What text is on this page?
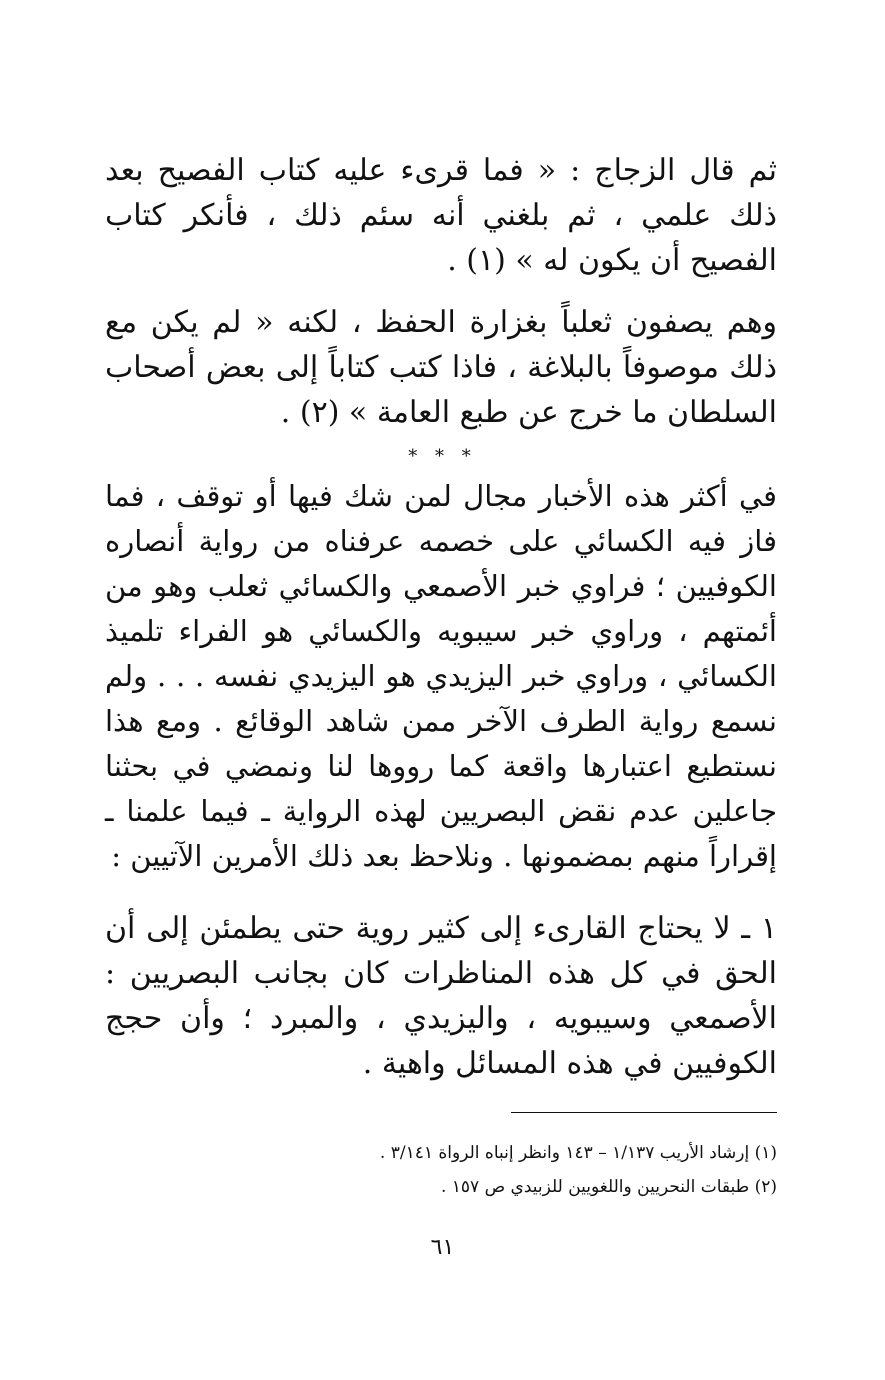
ثم قال الزجاج : « فما قرىء عليه كتاب الفصيح بعد ذلك علمي ، ثم بلغني أنه سئم ذلك ، فأنكر كتاب الفصيح أن يكون له » (١) .

وهم يصفون ثعلباً بغزارة الحفظ ، لكنه « لم يكن مع ذلك موصوفاً بالبلاغة ، فاذا كتب كتاباً إلى بعض أصحاب السلطان ما خرج عن طبع العامة » (٢) .

* * *

في أكثر هذه الأخبار مجال لمن شك فيها أو توقف ، فما فاز فيه الكسائي على خصمه عرفناه من رواية أنصاره الكوفيين ؛ فراوي خبر الأصمعي والكسائي ثعلب وهو من أئمتهم ، وراوي خبر سيبويه والكسائي هو الفراء تلميذ الكسائي ، وراوي خبر اليزيدي هو اليزيدي نفسه . . . ولم نسمع رواية الطرف الآخر ممن شاهد الوقائع . ومع هذا نستطيع اعتبارها واقعة كما رووها لنا ونمضي في بحثنا جاعلين عدم نقض البصريين لهذه الرواية ـ فيما علمنا ـ إقراراً منهم بمضمونها . ونلاحظ بعد ذلك الأمرين الآتيين :

١ ـ لا يحتاج القارىء إلى كثير روية حتى يطمئن إلى أن الحق في كل هذه المناظرات كان بجانب البصريين : الأصمعي وسيبويه ، واليزيدي ، والمبرد ؛ وأن حجج الكوفيين في هذه المسائل واهية .

(١) إرشاد الأريب ١/١٣٧ – ١٤٣ وانظر إنباه الرواة ٣/١٤١ .

(٢) طبقات النحريين واللغويين للزبيدي ص ١٥٧ .

٦١
